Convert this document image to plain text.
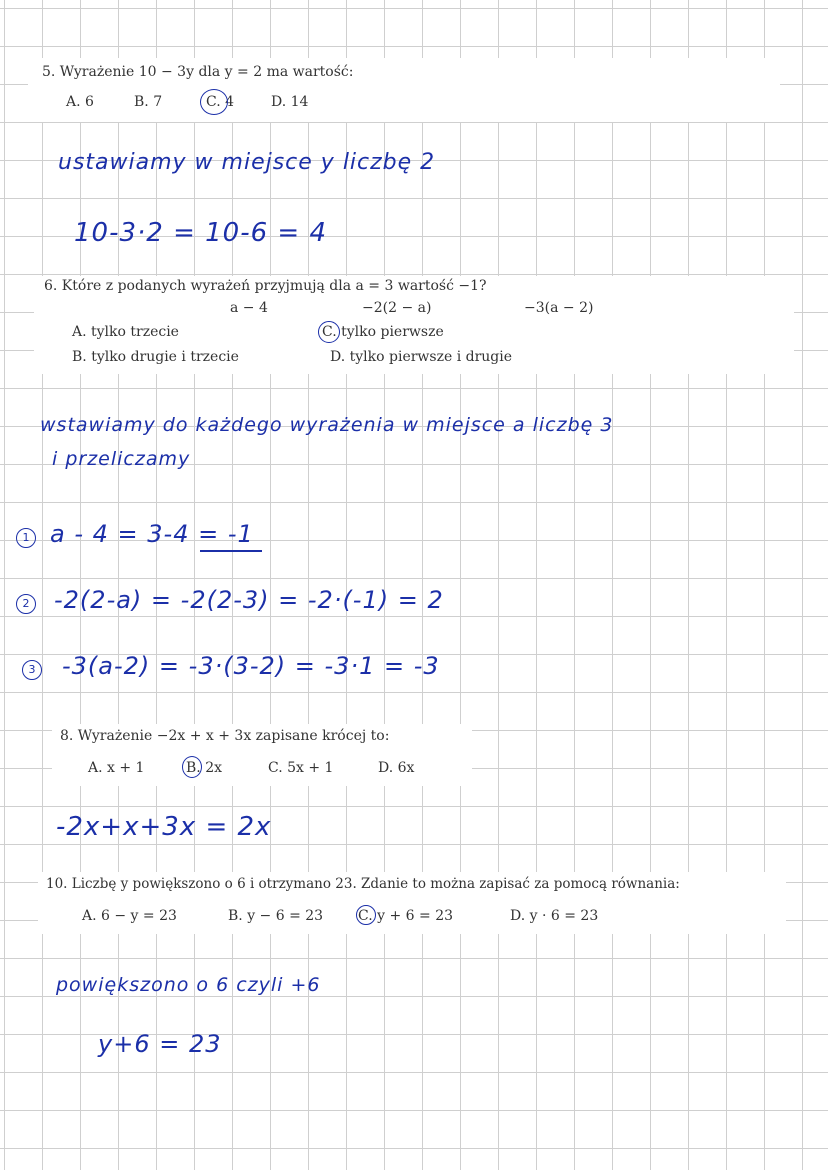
5. Wyrażenie 10 − 3y dla y = 2 ma wartość:
A. 6	B. 7	C. 4	D. 14
ustawiamy w miejsce y liczbę 2
10-3·2 = 10-6 = 4
6. Które z podanych wyrażeń przyjmują dla a = 3 wartość −1?
a − 4	−2(2 − a)	−3(a − 2)
A. tylko trzecie	C. tylko pierwsze
B. tylko drugie i trzecie	D. tylko pierwsze i drugie
wstawiamy do każdego wyrażenia w miejsce a liczbę 3
i przeliczamy
1 a - 4 = 3-4 = -1
2 -2(2-a) = -2(2-3) = -2·(-1) = 2
3 -3(a-2) = -3·(3-2) = -3·1 = -3
8. Wyrażenie −2x + x + 3x zapisane krócej to:
A. x + 1	B. 2x	C. 5x + 1	D. 6x
-2x+x+3x = 2x
10. Liczbę y powiększono o 6 i otrzymano 23. Zdanie to można zapisać za pomocą równania:
A. 6 − y = 23	B. y − 6 = 23 C. y + 6 = 23	D. y · 6 = 23
powiększono o 6 czyli +6
y+6 = 23
